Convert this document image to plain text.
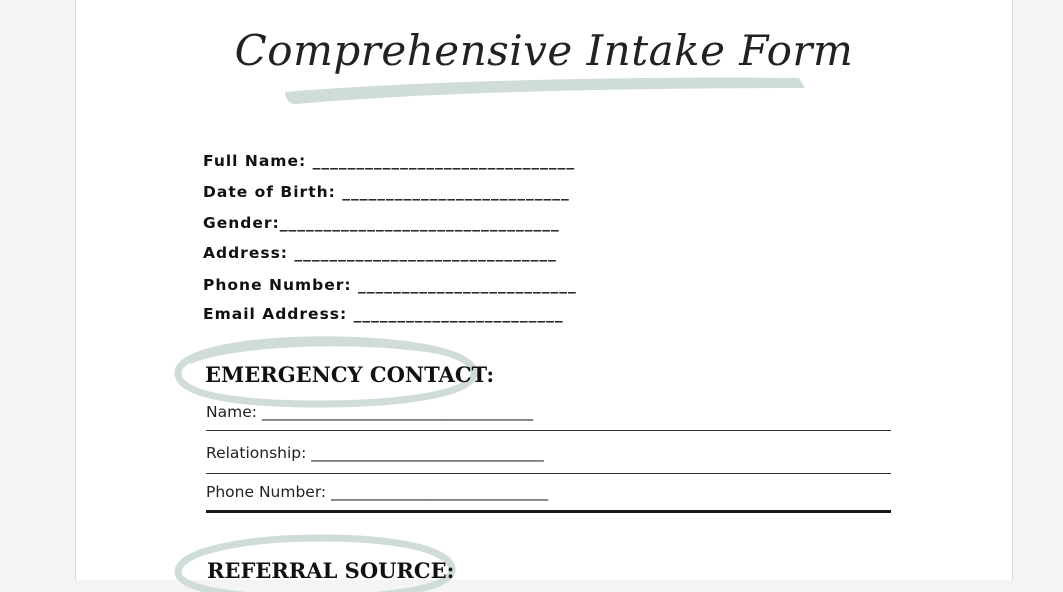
Comprehensive Intake Form
Full Name: ______________________________
Date of Birth: __________________________
Gender:________________________________
Address: ______________________________
Phone Number: _________________________
Email Address: ________________________
EMERGENCY CONTACT:
Name: ___________________________________
Relationship: ______________________________
Phone Number: ____________________________
REFERRAL SOURCE:
